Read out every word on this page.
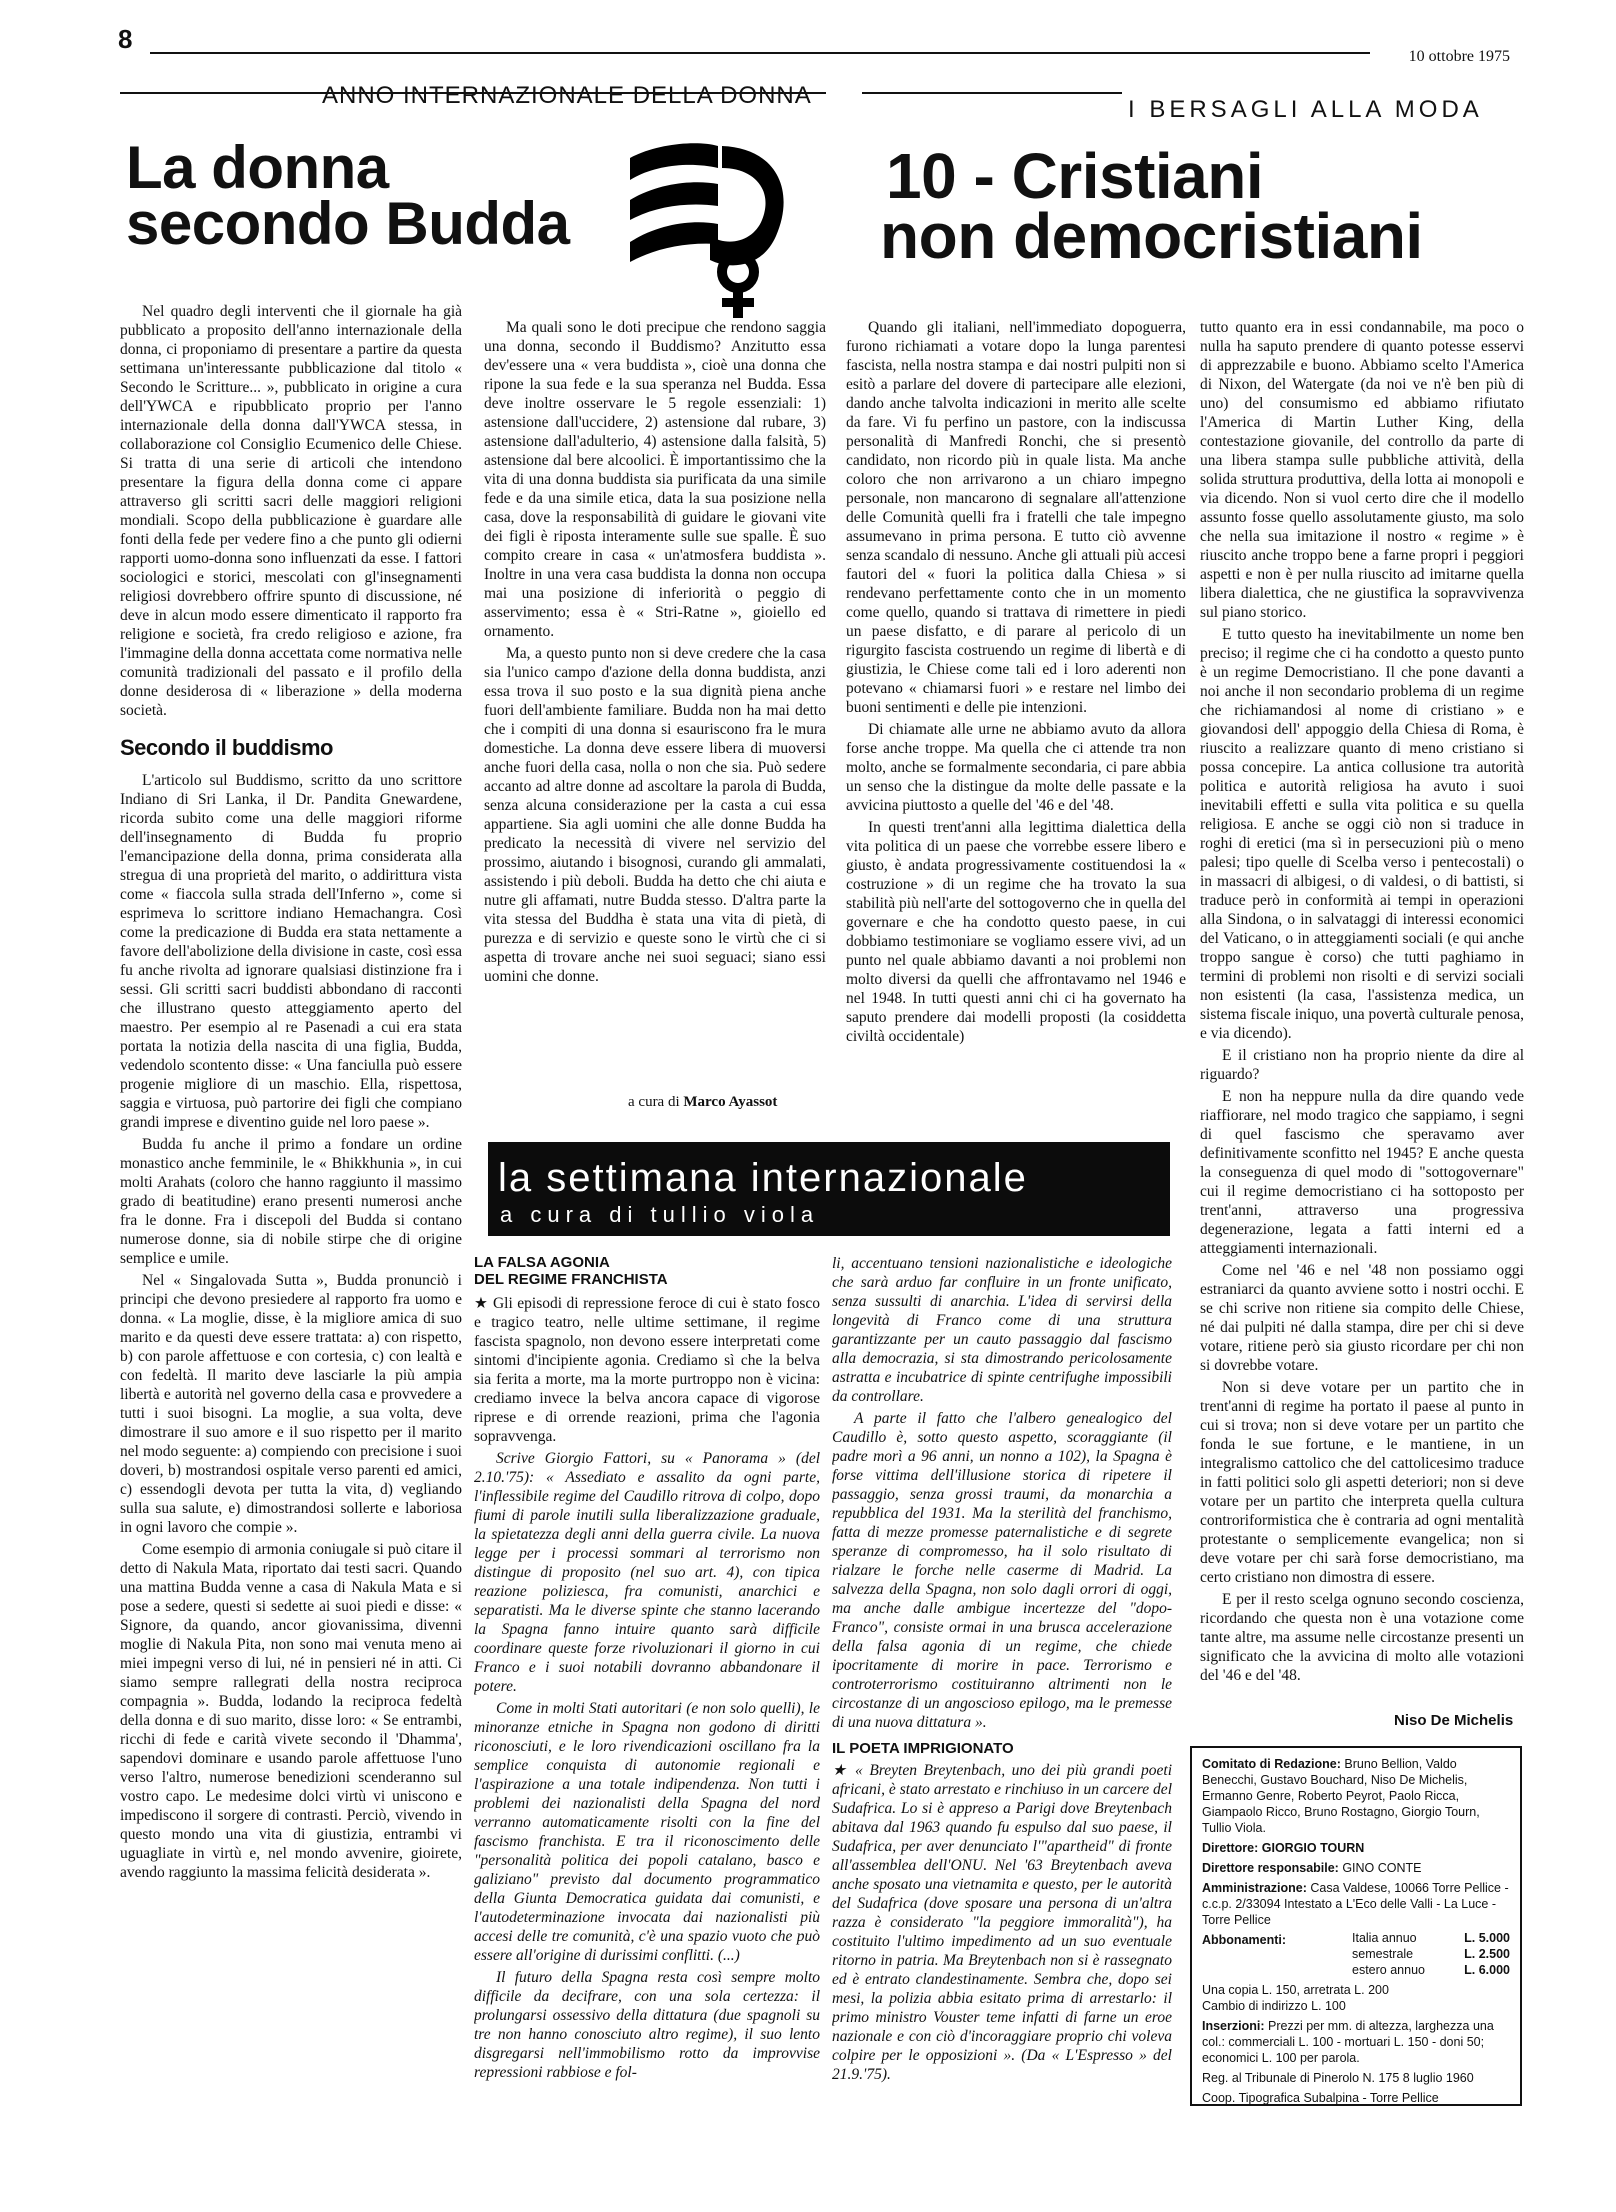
8
10 ottobre 1975
ANNO INTERNAZIONALE DELLA DONNA
I BERSAGLI ALLA MODA
La donna
secondo Budda
10 - Cristiani
non democristiani

Nel quadro degli interventi che il giornale ha già pubblicato a proposito dell'anno internazionale della donna, ci proponiamo di presentare a partire da questa settimana un'interessante pubblicazione dal titolo « Secondo le Scritture... », pubblicato in origine a cura dell'YWCA e ripubblicato proprio per l'anno internazionale della donna dall'YWCA stessa, in collaborazione col Consiglio Ecumenico delle Chiese. Si tratta di una serie di articoli che intendono presentare la figura della donna come ci appare attraverso gli scritti sacri delle maggiori religioni mondiali. Scopo della pubblicazione è guardare alle fonti della fede per vedere fino a che punto gli odierni rapporti uomo-donna sono influenzati da esse. I fattori sociologici e storici, mescolati con gl'insegnamenti religiosi dovrebbero offrire spunto di discussione, né deve in alcun modo essere dimenticato il rapporto fra religione e società, fra credo religioso e azione, fra l'immagine della donna accettata come normativa nelle comunità tradizionali del passato e il profilo della donne desiderosa di « liberazione » della moderna società.

Secondo il buddismo

L'articolo sul Buddismo, scritto da uno scrittore Indiano di Sri Lanka, il Dr. Pandita Gnewardene, ricorda subito come una delle maggiori riforme dell'insegnamento di Budda fu proprio l'emancipazione della donna, prima considerata alla stregua di una proprietà del marito, o addirittura vista come « fiaccola sulla strada dell'Inferno », come si esprimeva lo scrittore indiano Hemachangra. Così come la predicazione di Budda era stata nettamente a favore dell'abolizione della divisione in caste, così essa fu anche rivolta ad ignorare qualsiasi distinzione fra i sessi. Gli scritti sacri buddisti abbondano di racconti che illustrano questo atteggiamento aperto del maestro. Per esempio al re Pasenadi a cui era stata portata la notizia della nascita di una figlia, Budda, vedendolo scontento disse: « Una fanciulla può essere progenie migliore di un maschio. Ella, rispettosa, saggia e virtuosa, può partorire dei figli che compiano grandi imprese e diventino guide nel loro paese ».

Budda fu anche il primo a fondare un ordine monastico anche femminile, le « Bhikkhunia », in cui molti Arahats (coloro che hanno raggiunto il massimo grado di beatitudine) erano presenti numerosi anche fra le donne. Fra i discepoli del Budda si contano numerose donne, sia di nobile stirpe che di origine semplice e umile.

Nel « Singalovada Sutta », Budda pronunciò i principi che devono presiedere al rapporto fra uomo e donna. « La moglie, disse, è la migliore amica di suo marito e da questi deve essere trattata: a) con rispetto, b) con parole affettuose e con cortesia, c) con lealtà e con fedeltà. Il marito deve lasciarle la più ampia libertà e autorità nel governo della casa e provvedere a tutti i suoi bisogni. La moglie, a sua volta, deve dimostrare il suo amore e il suo rispetto per il marito nel modo seguente: a) compiendo con precisione i suoi doveri, b) mostrandosi ospitale verso parenti ed amici, c) essendogli devota per tutta la vita, d) vegliando sulla sua salute, e) dimostrandosi sollerte e laboriosa in ogni lavoro che compie ».

Come esempio di armonia coniugale si può citare il detto di Nakula Mata, riportato dai testi sacri. Quando una mattina Budda venne a casa di Nakula Mata e si pose a sedere, questi si sedette ai suoi piedi e disse: « Signore, da quando, ancor giovanissima, divenni moglie di Nakula Pita, non sono mai venuta meno ai miei impegni verso di lui, né in pensieri né in atti. Ci siamo sempre rallegrati della nostra reciproca compagnia ». Budda, lodando la reciproca fedeltà della donna e di suo marito, disse loro: « Se entrambi, ricchi di fede e carità vivete secondo il 'Dhamma', sapendovi dominare e usando parole affettuose l'uno verso l'altro, numerose benedizioni scenderanno sul vostro capo. Le medesime dolci virtù vi uniscono e impediscono il sorgere di contrasti. Perciò, vivendo in questo mondo una vita di giustizia, entrambi vi uguagliate in virtù e, nel mondo avvenire, gioirete, avendo raggiunto la massima felicità desiderata ».

Ma quali sono le doti precipue che rendono saggia una donna, secondo il Buddismo? Anzitutto essa dev'essere una « vera buddista », cioè una donna che ripone la sua fede e la sua speranza nel Budda. Essa deve inoltre osservare le 5 regole essenziali: 1) astensione dall'uccidere, 2) astensione dal rubare, 3) astensione dall'adulterio, 4) astensione dalla falsità, 5) astensione dal bere alcoolici. È importantissimo che la vita di una donna buddista sia purificata da una simile fede e da una simile etica, data la sua posizione nella casa, dove la responsabilità di guidare le giovani vite dei figli è riposta interamente sulle sue spalle. È suo compito creare in casa « un'atmosfera buddista ». Inoltre in una vera casa buddista la donna non occupa mai una posizione di inferiorità o peggio di asservimento; essa è « Stri-Ratne », gioiello ed ornamento.

Ma, a questo punto non si deve credere che la casa sia l'unico campo d'azione della donna buddista, anzi essa trova il suo posto e la sua dignità piena anche fuori dell'ambiente familiare. Budda non ha mai detto che i compiti di una donna si esauriscono fra le mura domestiche. La donna deve essere libera di muoversi anche fuori della casa, nolla o non che sia. Può sedere accanto ad altre donne ad ascoltare la parola di Budda, senza alcuna considerazione per la casta a cui essa appartiene. Sia agli uomini che alle donne Budda ha predicato la necessità di vivere nel servizio del prossimo, aiutando i bisognosi, curando gli ammalati, assistendo i più deboli. Budda ha detto che chi aiuta e nutre gli affamati, nutre Budda stesso. D'altra parte la vita stessa del Buddha è stata una vita di pietà, di purezza e di servizio e queste sono le virtù che ci si aspetta di trovare anche nei suoi seguaci; siano essi uomini che donne.

a cura di Marco Ayassot

Quando gli italiani, nell'immediato dopoguerra, furono richiamati a votare dopo la lunga parentesi fascista, nella nostra stampa e dai nostri pulpiti non si esitò a parlare del dovere di partecipare alle elezioni, dando anche talvolta indicazioni in merito alle scelte da fare. Vi fu perfino un pastore, con la indiscussa personalità di Manfredi Ronchi, che si presentò candidato, non ricordo più in quale lista. Ma anche coloro che non arrivarono a un chiaro impegno personale, non mancarono di segnalare all'attenzione delle Comunità quelli fra i fratelli che tale impegno assumevano in prima persona. E tutto ciò avvenne senza scandalo di nessuno. Anche gli attuali più accesi fautori del « fuori la politica dalla Chiesa » si rendevano perfettamente conto che in un momento come quello, quando si trattava di rimettere in piedi un paese disfatto, e di parare al pericolo di un rigurgito fascista costruendo un regime di libertà e di giustizia, le Chiese come tali ed i loro aderenti non potevano « chiamarsi fuori » e restare nel limbo dei buoni sentimenti e delle pie intenzioni.

Di chiamate alle urne ne abbiamo avuto da allora forse anche troppe. Ma quella che ci attende tra non molto, anche se formalmente secondaria, ci pare abbia un senso che la distingue da molte delle passate e la avvicina piuttosto a quelle del '46 e del '48.

In questi trent'anni alla legittima dialettica della vita politica di un paese che vorrebbe essere libero e giusto, è andata progressivamente costituendosi la « costruzione » di un regime che ha trovato la sua stabilità più nell'arte del sottogoverno che in quella del governare e che ha condotto questo paese, in cui dobbiamo testimoniare se vogliamo essere vivi, ad un punto nel quale abbiamo davanti a noi problemi non molto diversi da quelli che affrontavamo nel 1946 e nel 1948. In tutti questi anni chi ci ha governato ha saputo prendere dai modelli proposti (la cosiddetta civiltà occidentale)

tutto quanto era in essi condannabile, ma poco o nulla ha saputo prendere di quanto potesse esservi di apprezzabile e buono. Abbiamo scelto l'America di Nixon, del Watergate (da noi ve n'è ben più di uno) del consumismo ed abbiamo rifiutato l'America di Martin Luther King, della contestazione giovanile, del controllo da parte di una libera stampa sulle pubbliche attività, della solida struttura produttiva, della lotta ai monopoli e via dicendo. Non si vuol certo dire che il modello assunto fosse quello assolutamente giusto, ma solo che nella sua imitazione il nostro « regime » è riuscito anche troppo bene a farne propri i peggiori aspetti e non è per nulla riuscito ad imitarne quella libera dialettica, che ne giustifica la sopravvivenza sul piano storico.

E tutto questo ha inevitabilmente un nome ben preciso; il regime che ci ha condotto a questo punto è un regime Democristiano. Il che pone davanti a noi anche il non secondario problema di un regime che richiamandosi al nome di cristiano » e giovandosi dell' appoggio della Chiesa di Roma, è riuscito a realizzare quanto di meno cristiano si possa concepire. La antica collusione tra autorità politica e autorità religiosa ha avuto i suoi inevitabili effetti e sulla vita politica e su quella religiosa. E anche se oggi ciò non si traduce in roghi di eretici (ma sì in persecuzioni più o meno palesi; tipo quelle di Scelba verso i pentecostali) o in massacri di albigesi, o di valdesi, o di battisti, si traduce però in conformità ai tempi in operazioni alla Sindona, o in salvataggi di interessi economici del Vaticano, o in atteggiamenti sociali (e qui anche troppo sangue è corso) che tutti paghiamo in termini di problemi non risolti e di servizi sociali non esistenti (la casa, l'assistenza medica, un sistema fiscale iniquo, una povertà culturale penosa, e via dicendo).

E il cristiano non ha proprio niente da dire al riguardo?

E non ha neppure nulla da dire quando vede riaffiorare, nel modo tragico che sappiamo, i segni di quel fascismo che speravamo aver definitivamente sconfitto nel 1945? E anche questa la conseguenza di quel modo di "sottogovernare" cui il regime democristiano ci ha sottoposto per trent'anni, attraverso una progressiva degenerazione, legata a fatti interni ed a atteggiamenti internazionali.

Come nel '46 e nel '48 non possiamo oggi estraniarci da quanto avviene sotto i nostri occhi. E se chi scrive non ritiene sia compito delle Chiese, né dai pulpiti né dalla stampa, dire per chi si deve votare, ritiene però sia giusto ricordare per chi non si dovrebbe votare.

Non si deve votare per un partito che in trent'anni di regime ha portato il paese al punto in cui si trova; non si deve votare per un partito che fonda le sue fortune, e le mantiene, in un integralismo cattolico che del cattolicesimo traduce in fatti politici solo gli aspetti deteriori; non si deve votare per un partito che interpreta quella cultura controriformistica che è contraria ad ogni mentalità protestante o semplicemente evangelica; non si deve votare per chi sarà forse democristiano, ma certo cristiano non dimostra di essere.

E per il resto scelga ognuno secondo coscienza, ricordando che questa non è una votazione come tante altre, ma assume nelle circostanze presenti un significato che la avvicina di molto alle votazioni del '46 e del '48.

Niso De Michelis
la settimana internazionale
a cura di tullio viola
LA FALSA AGONIA
DEL REGIME FRANCHISTA

★ Gli episodi di repressione feroce di cui è stato fosco e tragico teatro, nelle ultime settimane, il regime fascista spagnolo, non devono essere interpretati come sintomi d'incipiente agonia. Crediamo sì che la belva sia ferita a morte, ma la morte purtroppo non è vicina: crediamo invece la belva ancora capace di vigorose riprese e di orrende reazioni, prima che l'agonia sopravvenga.

Scrive Giorgio Fattori, su « Panorama » (del 2.10.'75): « Assediato e assalito da ogni parte, l'inflessibile regime del Caudillo ritrova di colpo, dopo fiumi di parole inutili sulla liberalizzazione graduale, la spietatezza degli anni della guerra civile. La nuova legge per i processi sommari al terrorismo non distingue di proposito (nel suo art. 4), con tipica reazione poliziesca, fra comunisti, anarchici e separatisti. Ma le diverse spinte che stanno lacerando la Spagna fanno intuire quanto sarà difficile coordinare queste forze rivoluzionari il giorno in cui Franco e i suoi notabili dovranno abbandonare il potere.

Come in molti Stati autoritari (e non solo quelli), le minoranze etniche in Spagna non godono di diritti riconosciuti, e le loro rivendicazioni oscillano fra la semplice conquista di autonomie regionali e l'aspirazione a una totale indipendenza. Non tutti i problemi dei nazionalisti della Spagna del nord verranno automaticamente risolti con la fine del fascismo franchista. E tra il riconoscimento delle "personalità politica dei popoli catalano, basco e galiziano" previsto dal documento programmatico della Giunta Democratica guidata dai comunisti, e l'autodeterminazione invocata dai nazionalisti più accesi delle tre comunità, c'è una spazio vuoto che può essere all'origine di durissimi conflitti. (...)

Il futuro della Spagna resta così sempre molto difficile da decifrare, con una sola certezza: il prolungarsi ossessivo della dittatura (due spagnoli su tre non hanno conosciuto altro regime), il suo lento disgregarsi nell'immobilismo rotto da improvvise repressioni rabbiose e fol-

li, accentuano tensioni nazionalistiche e ideologiche che sarà arduo far confluire in un fronte unificato, senza sussulti di anarchia. L'idea di servirsi della longevità di Franco come di una struttura garantizzante per un cauto passaggio dal fascismo alla democrazia, si sta dimostrando pericolosamente astratta e incubatrice di spinte centrifughe impossibili da controllare.

A parte il fatto che l'albero genealogico del Caudillo è, sotto questo aspetto, scoraggiante (il padre morì a 96 anni, un nonno a 102), la Spagna è forse vittima dell'illusione storica di ripetere il passaggio, senza grossi traumi, da monarchia a repubblica del 1931. Ma la sterilità del franchismo, fatta di mezze promesse paternalistiche e di segrete speranze di compromesso, ha il solo risultato di rialzare le forche nelle caserme di Madrid. La salvezza della Spagna, non solo dagli orrori di oggi, ma anche dalle ambigue incertezze del "dopo-Franco", consiste ormai in una brusca accelerazione della falsa agonia di un regime, che chiede ipocritamente di morire in pace. Terrorismo e controterrorismo costituiranno altrimenti non le circostanze di un angoscioso epilogo, ma le premesse di una nuova dittatura ».

IL POETA IMPRIGIONATO

★ « Breyten Breytenbach, uno dei più grandi poeti africani, è stato arrestato e rinchiuso in un carcere del Sudafrica. Lo si è appreso a Parigi dove Breytenbach abitava dal 1963 quando fu espulso dal suo paese, il Sudafrica, per aver denunciato l'"apartheid" di fronte all'assemblea dell'ONU. Nel '63 Breytenbach aveva anche sposato una vietnamita e questo, per le autorità del Sudafrica (dove sposare una persona di un'altra razza è considerato "la peggiore immoralità"), ha costituito l'ultimo impedimento ad un suo eventuale ritorno in patria. Ma Breytenbach non si è rassegnato ed è entrato clandestinamente. Sembra che, dopo sei mesi, la polizia abbia esitato prima di arrestarlo: il primo ministro Vouster teme infatti di farne un eroe nazionale e con ciò d'incoraggiare proprio chi voleva colpire per le opposizioni ». (Da « L'Espresso » del 21.9.'75).

Comitato di Redazione: Bruno Bellion, Valdo Benecchi, Gustavo Bouchard, Niso De Michelis, Ermanno Genre, Roberto Peyrot, Paolo Ricca, Giampaolo Ricco, Bruno Rostagno, Giorgio Tourn, Tullio Viola.
Direttore: GIORGIO TOURN
Direttore responsabile: GINO CONTE
Amministrazione: Casa Valdese, 10066 Torre Pellice - c.c.p. 2/33094 Intestato a L'Eco delle Valli - La Luce - Torre Pellice
Abbonamenti:	Italia annuo	L. 5.000
semestrale	L. 2.500
estero annuo	L. 6.000
Una copia L. 150, arretrata L. 200
Cambio di indirizzo L. 100
Inserzioni: Prezzi per mm. di altezza, larghezza una col.: commerciali L. 100 - mortuari L. 150 - doni 50; economici L. 100 per parola.
Reg. al Tribunale di Pinerolo N. 175 8 luglio 1960
Coop. Tipografica Subalpina - Torre Pellice
